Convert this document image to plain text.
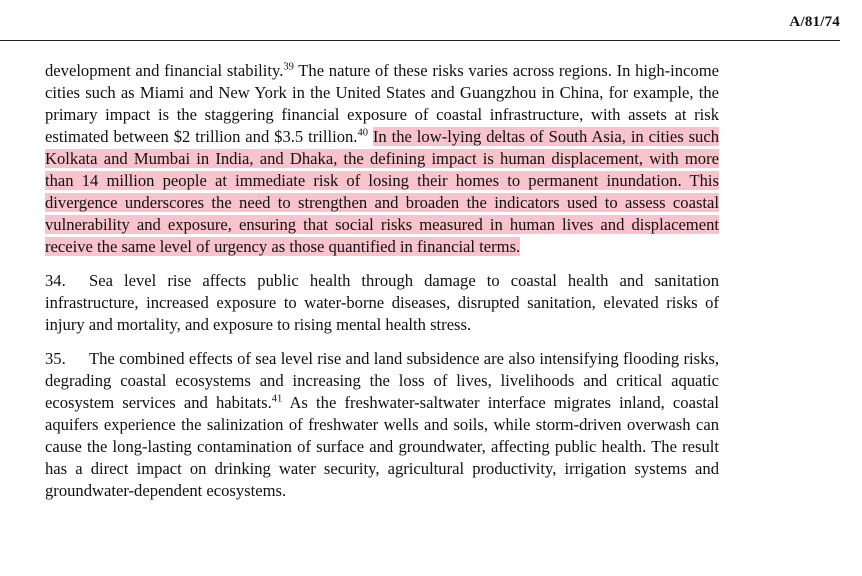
A/81/74

development and financial stability.$^{39}$ The nature of these risks varies across regions. In high-income cities such as Miami and New York in the United States and Guangzhou in China, for example, the primary impact is the staggering financial exposure of coastal infrastructure, with assets at risk estimated between $2 trillion and $3.5 trillion.$^{40}$ In the low-lying deltas of South Asia, in cities such Kolkata and Mumbai in India, and Dhaka, the defining impact is human displacement, with more than 14 million people at immediate risk of losing their homes to permanent inundation. This divergence underscores the need to strengthen and broaden the indicators used to assess coastal vulnerability and exposure, ensuring that social risks measured in human lives and displacement receive the same level of urgency as those quantified in financial terms.

34. Sea level rise affects public health through damage to coastal health and sanitation infrastructure, increased exposure to water-borne diseases, disrupted sanitation, elevated risks of injury and mortality, and exposure to rising mental health stress.

35. The combined effects of sea level rise and land subsidence are also intensifying flooding risks, degrading coastal ecosystems and increasing the loss of lives, livelihoods and critical aquatic ecosystem services and habitats.$^{41}$ As the freshwater-saltwater interface migrates inland, coastal aquifers experience the salinization of freshwater wells and soils, while storm-driven overwash can cause the long-lasting contamination of surface and groundwater, affecting public health. The result has a direct impact on drinking water security, agricultural productivity, irrigation systems and groundwater-dependent ecosystems.
